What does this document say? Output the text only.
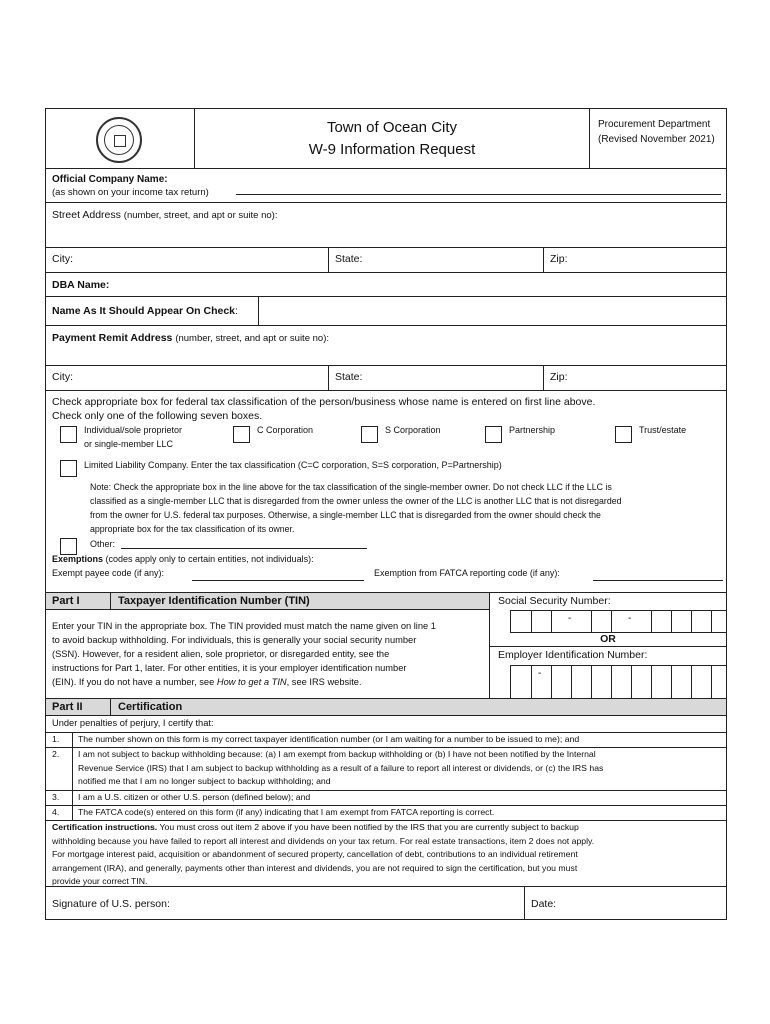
Town of Ocean City
W-9 Information Request
Procurement Department
(Revised November 2021)
Official Company Name:
(as shown on your income tax return)
Street Address (number, street, and apt or suite no):
City:	State:	Zip:
DBA Name:
Name As It Should Appear On Check:
Payment Remit Address (number, street, and apt or suite no):
City:	State:	Zip:
Check appropriate box for federal tax classification of the person/business whose name is entered on first line above.
Check only one of the following seven boxes.
Individual/sole proprietor
or single-member LLC
C Corporation	S Corporation	Partnership	Trust/estate
Limited Liability Company. Enter the tax classification (C=C corporation, S=S corporation, P=Partnership)
Note: Check the appropriate box in the line above for the tax classification of the single-member owner. Do not check LLC if the LLC is
classified as a single-member LLC that is disregarded from the owner unless the owner of the LLC is another LLC that is not disregarded
from the owner for U.S. federal tax purposes. Otherwise, a single-member LLC that is disregarded from the owner should check the
appropriate box for the tax classification of its owner.
Other:
Exemptions (codes apply only to certain entities, not individuals):
Exempt payee code (if any):	Exemption from FATCA reporting code (if any):
Part I	Taxpayer Identification Number (TIN)	Social Security Number:
-	-
OR
Employer Identification Number:
-
Enter your TIN in the appropriate box. The TIN provided must match the name given on line 1
to avoid backup withholding. For individuals, this is generally your social security number
(SSN). However, for a resident alien, sole proprietor, or disregarded entity, see the
instructions for Part 1, later. For other entities, it is your employer identification number
(EIN). If you do not have a number, see How to get a TIN, see IRS website.
Part II	Certification
Under penalties of perjury, I certify that:
1. The number shown on this form is my correct taxpayer identification number (or I am waiting for a number to be issued to me); and
2. I am not subject to backup withholding because: (a) I am exempt from backup withholding or (b) I have not been notified by the Internal
Revenue Service (IRS) that I am subject to backup withholding as a result of a failure to report all interest or dividends, or (c) the IRS has
notified me that I am no longer subject to backup withholding; and
3. I am a U.S. citizen or other U.S. person (defined below); and
4. The FATCA code(s) entered on this form (if any) indicating that I am exempt from FATCA reporting is correct.
Certification instructions. You must cross out item 2 above if you have been notified by the IRS that you are currently subject to backup
withholding because you have failed to report all interest and dividends on your tax return. For real estate transactions, item 2 does not apply.
For mortgage interest paid, acquisition or abandonment of secured property, cancellation of debt, contributions to an individual retirement
arrangement (IRA), and generally, payments other than interest and dividends, you are not required to sign the certification, but you must
provide your correct TIN.
Signature of U.S. person:	Date:
